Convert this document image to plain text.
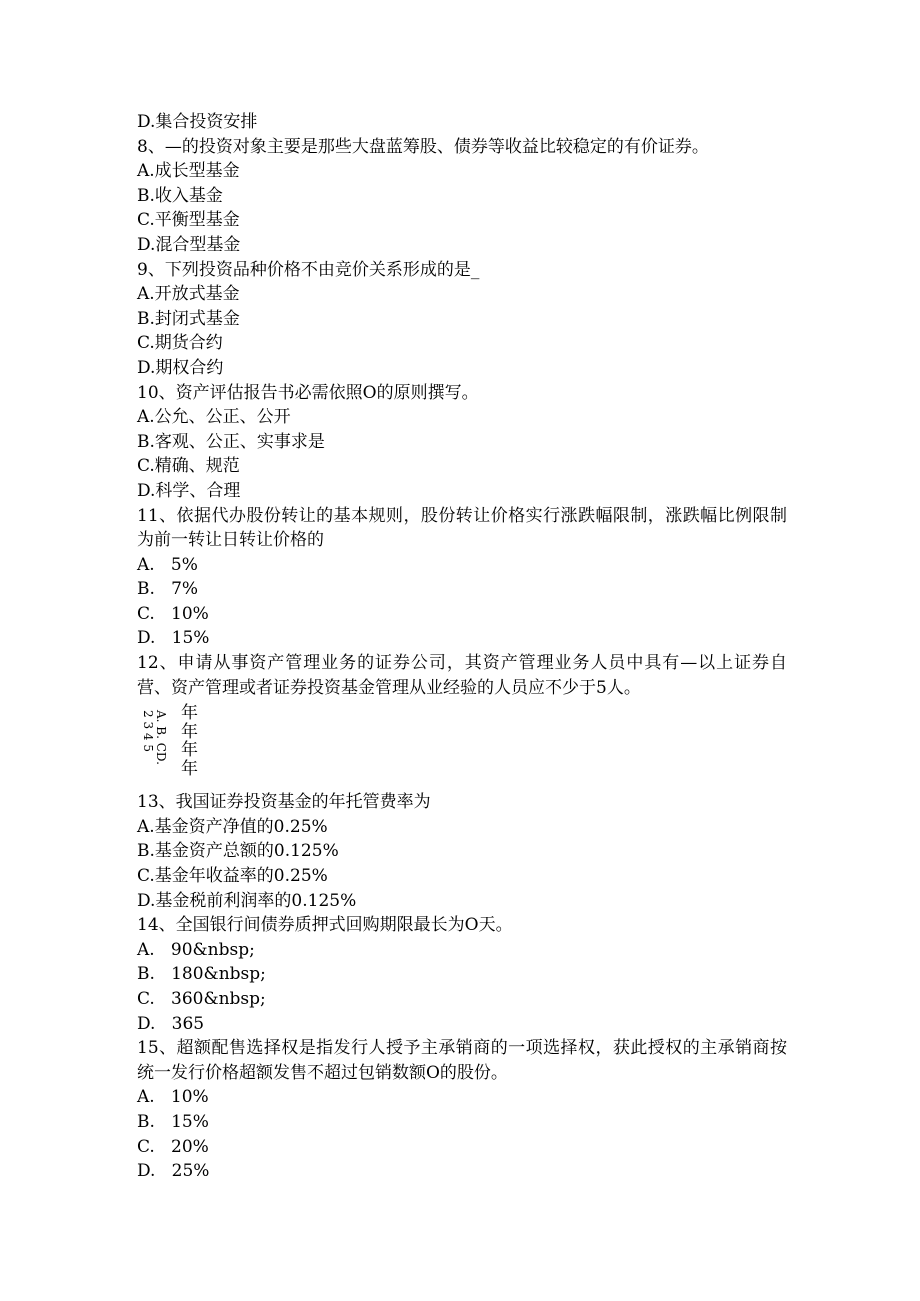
D.集合投资安排
8、—的投资对象主要是那些大盘蓝筹股、债券等收益比较稳定的有价证券。
A.成长型基金
B.收入基金
C.平衡型基金
D.混合型基金
9、下列投资品种价格不由竞价关系形成的是_
A.开放式基金
B.封闭式基金
C.期货合约
D.期权合约
10、资产评估报告书必需依照O的原则撰写。
A.公允、公正、公开
B.客观、公正、实事求是
C.精确、规范
D.科学、合理
11、依据代办股份转让的基本规则，股份转让价格实行涨跌幅限制，涨跌幅比例限制为前一转让日转让价格的
A.   5%
B.   7%
C.   10%
D.   15%
12、申请从事资产管理业务的证券公司，其资产管理业务人员中具有—以上证券自营、资产管理或者证券投资基金管理从业经验的人员应不少于5人。
A. B. CD.
2 3 4 5 年
年
年
年
13、我国证券投资基金的年托管费率为
A.基金资产净值的0.25%
B.基金资产总额的0.125%
C.基金年收益率的0.25%
D.基金税前利润率的0.125%
14、全国银行间债券质押式回购期限最长为O天。
A.   90&nbsp;
B.   180&nbsp;
C.   360&nbsp;
D.   365
15、超额配售选择权是指发行人授予主承销商的一项选择权，获此授权的主承销商按统一发行价格超额发售不超过包销数额O的股份。
A.   10%
B.   15%
C.   20%
D.   25%
